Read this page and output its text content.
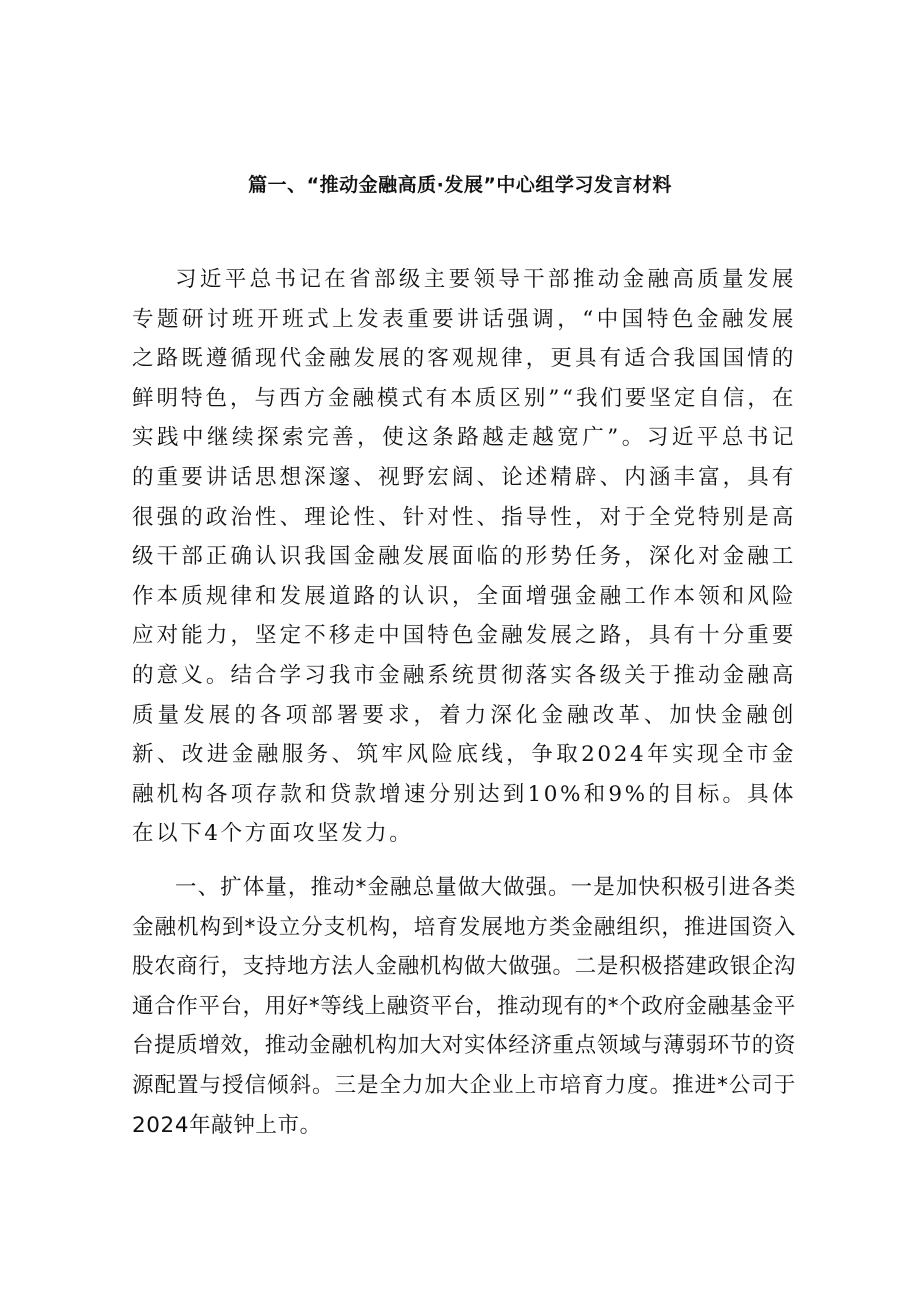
篇一、“推动金融高质·发展”中心组学习发言材料

习近平总书记在省部级主要领导干部推动金融高质量发展专题研讨班开班式上发表重要讲话强调，“中国特色金融发展之路既遵循现代金融发展的客观规律，更具有适合我国国情的鲜明特色，与西方金融模式有本质区别”“我们要坚定自信，在实践中继续探索完善，使这条路越走越宽广”。习近平总书记的重要讲话思想深邃、视野宏阔、论述精辟、内涵丰富，具有很强的政治性、理论性、针对性、指导性，对于全党特别是高级干部正确认识我国金融发展面临的形势任务，深化对金融工作本质规律和发展道路的认识，全面增强金融工作本领和风险应对能力，坚定不移走中国特色金融发展之路，具有十分重要的意义。结合学习我市金融系统贯彻落实各级关于推动金融高质量发展的各项部署要求，着力深化金融改革、加快金融创新、改进金融服务、筑牢风险底线，争取2024年实现全市金融机构各项存款和贷款增速分别达到10%和9%的目标。具体在以下4个方面攻坚发力。

一、扩体量，推动*金融总量做大做强。一是加快积极引进各类金融机构到*设立分支机构，培育发展地方类金融组织，推进国资入股农商行，支持地方法人金融机构做大做强。二是积极搭建政银企沟通合作平台，用好*等线上融资平台，推动现有的*个政府金融基金平台提质增效，推动金融机构加大对实体经济重点领域与薄弱环节的资源配置与授信倾斜。三是全力加大企业上市培育力度。推进*公司于2024年敲钟上市。
